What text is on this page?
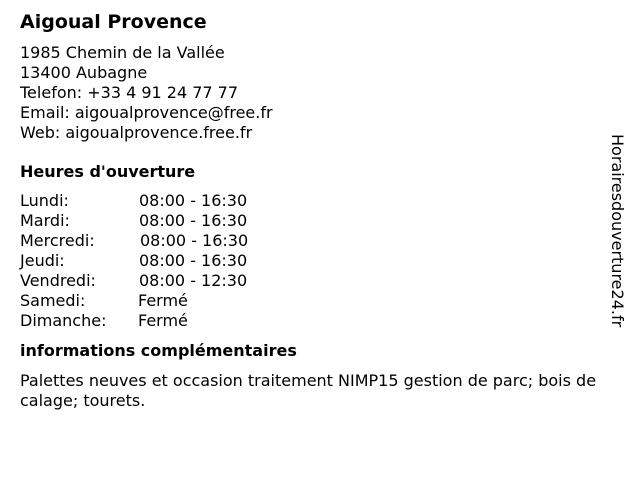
Aigoual Provence
1985 Chemin de la Vallée
13400 Aubagne
Telefon: +33 4 91 24 77 77
Email: aigoualprovence@free.fr
Web: aigoualprovence.free.fr
Heures d'ouverture
Lundi:	08:00 - 16:30
Mardi:	08:00 - 16:30
Mercredi:	08:00 - 16:30
Jeudi:	08:00 - 16:30
Vendredi:	08:00 - 12:30
Samedi:	Fermé
Dimanche:	Fermé
informations complémentaires
Palettes neuves et occasion traitement NIMP15 gestion de parc; bois de calage; tourets.
Horairesdouverture24.fr
